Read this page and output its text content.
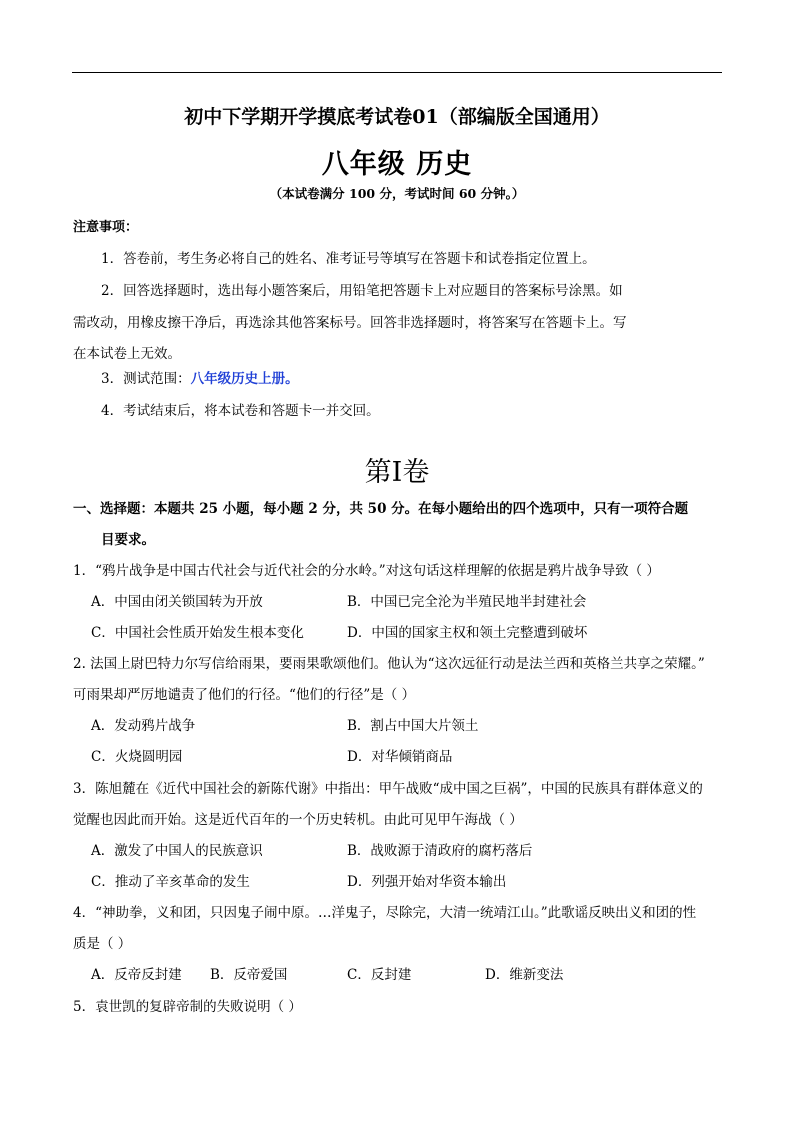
初中下学期开学摸底考试卷01（部编版全国通用）
八年级 历史
（本试卷满分 100 分，考试时间 60 分钟。）
注意事项：
1．答卷前，考生务必将自己的姓名、准考证号等填写在答题卡和试卷指定位置上。
2．回答选择题时，选出每小题答案后，用铅笔把答题卡上对应题目的答案标号涂黑。如
需改动，用橡皮擦干净后，再选涂其他答案标号。回答非选择题时，将答案写在答题卡上。写
在本试卷上无效。
3．测试范围：八年级历史上册。
4．考试结束后，将本试卷和答题卡一并交回。
第I卷
一、选择题：本题共 25 小题，每小题 2 分，共 50 分。在每小题给出的四个选项中，只有一项符合题
目要求。
1．“鸦片战争是中国古代社会与近代社会的分水岭。”对这句话这样理解的依据是鸦片战争导致（ ）
A．中国由闭关锁国转为开放	B．中国已完全沦为半殖民地半封建社会
C．中国社会性质开始发生根本变化	D．中国的国家主权和领土完整遭到破坏
2. 法国上尉巴特力尔写信给雨果，要雨果歌颂他们。他认为“这次远征行动是法兰西和英格兰共享之荣耀。”
可雨果却严厉地谴责了他们的行径。“他们的行径”是（ ）
A．发动鸦片战争	B．割占中国大片领土
C．火烧圆明园	D．对华倾销商品
3．陈旭麓在《近代中国社会的新陈代谢》中指出：甲午战败“成中国之巨祸”，中国的民族具有群体意义的
觉醒也因此而开始。这是近代百年的一个历史转机。由此可见甲午海战（ ）
A．激发了中国人的民族意识	B．战败源于清政府的腐朽落后
C．推动了辛亥革命的发生	D．列强开始对华资本输出
4．“神助拳，义和团，只因鬼子闹中原。…洋鬼子，尽除完，大清一统靖江山。”此歌谣反映出义和团的性
质是（ ）
A．反帝反封建 B．反帝爱国	C．反封建	D．维新变法
5．袁世凯的复辟帝制的失败说明（ ）
